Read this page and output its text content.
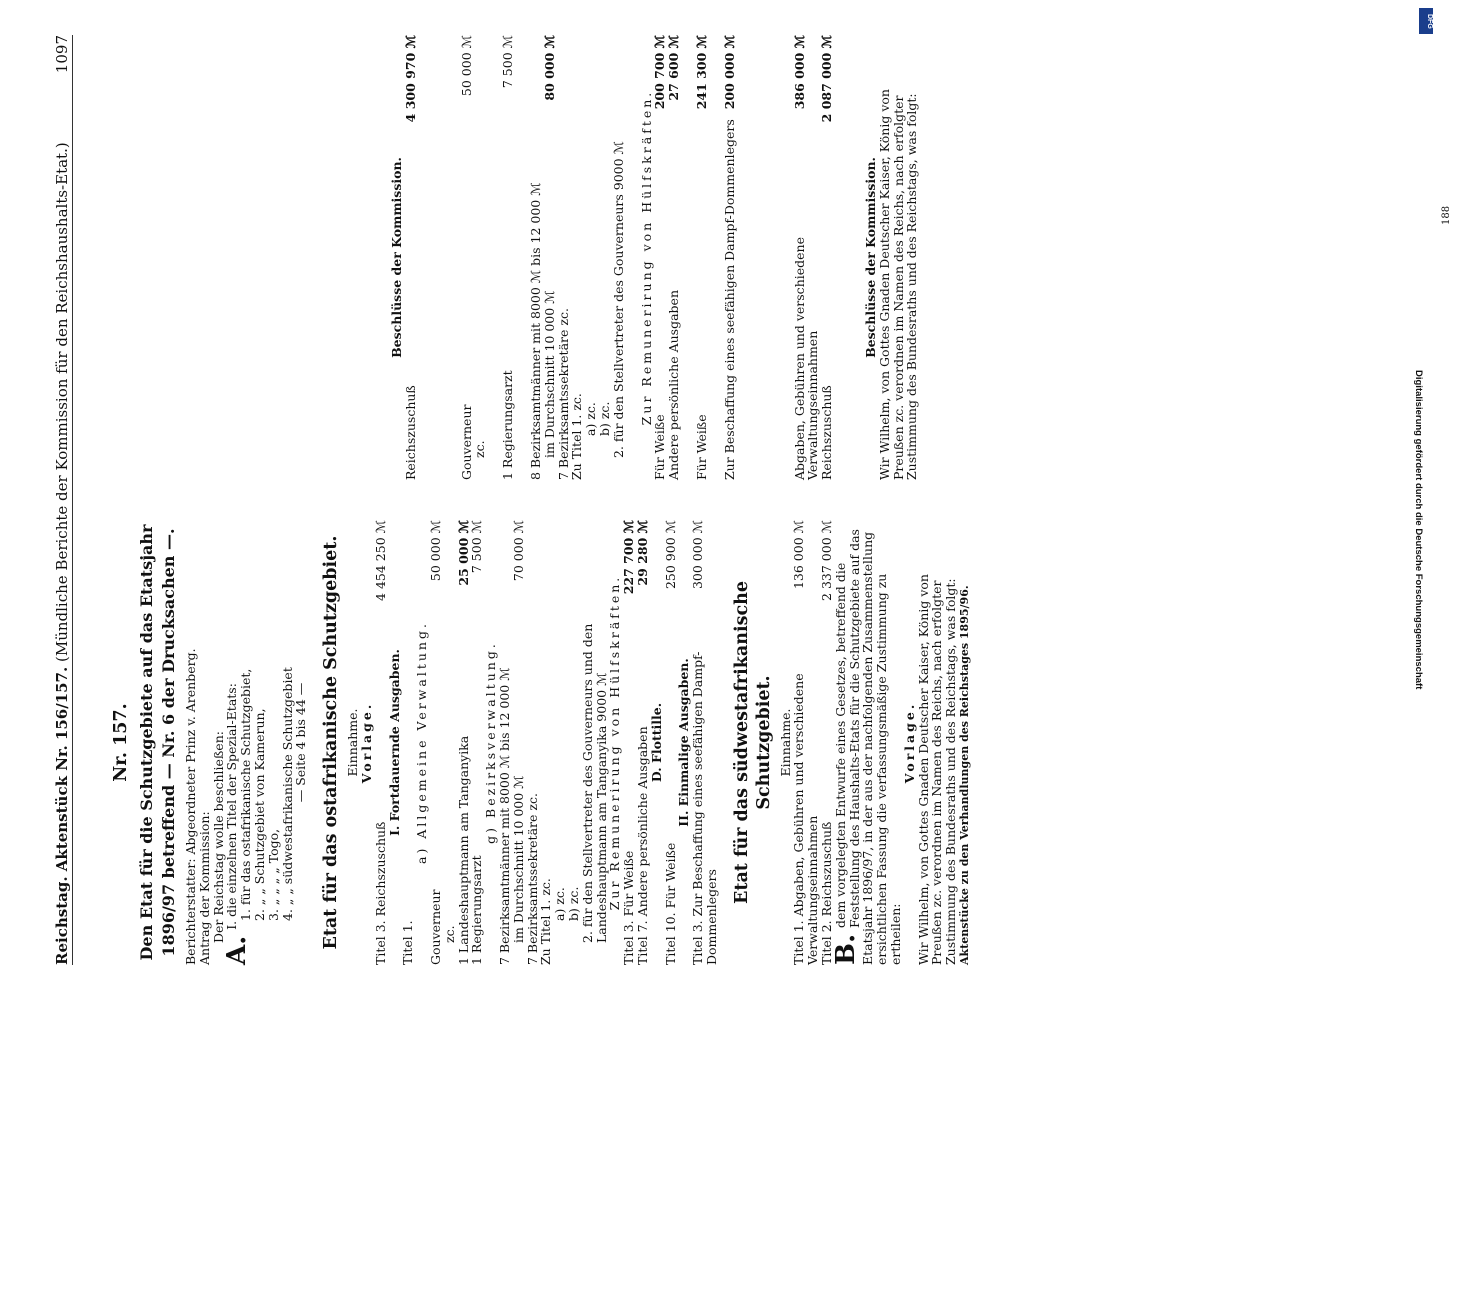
Reichstag. Aktenstück Nr. 156/157. (Mündliche Berichte der Kommission für den Reichshaushalts-Etat.)
1097
Nr. 157. Den Etat für die Schutzgebiete auf das Etatsjahr 1896/97 betreffend — Nr. 6 der Drucksachen —. Berichterstatter: Abgeordneter Prinz v. Arenberg.
Antrag der Kommission:
Der Reichstag wolle beschließen:
A.
I. die einzelnen Titel der Spezial-Etats:
1. für das ostafrikanische Schutzgebiet,
2. „ „ Schutzgebiet von Kamerun,
3. „ „ „ „ Togo,
4. „ „ südwestafrikanische Schutzgebiet
— Seite 4 bis 44 — Etat für das ostafrikanische Schutzgebiet. Einnahme.
Vorlage.
Titel 3. Reichszuschuß
4 454 250 ℳ
I. Fortdauernde Ausgaben.
Titel 1.
a) Allgemeine Verwaltung.
Gouverneur
50 000 ℳ
zc.
1 Landeshauptmann am Tanganyika
25 000 ℳ
1 Regierungsarzt
7 500 ℳ
g) Bezirksverwaltung.
7 Bezirksamtmänner mit 8000 ℳ bis 12 000 ℳ
im Durchschnitt 10 000 ℳ
70 000 ℳ
7 Bezirksamtssekretäre zc.
Zu Titel 1. zc.
a) zc.
b) zc.
2. für den Stellvertreter des Gouverneurs und den Landeshauptmann am Tanganyika 9000 ℳ
Zur Remunerirung von Hülfskräften.
Titel 3. Für Weiße
227 700 ℳ
Titel 7. Andere persönliche Ausgaben
29 280 ℳ
D. Flottille.
Titel 10. Für Weiße
250 900 ℳ
II. Einmalige Ausgaben.
Titel 3. Zur Beschaffung eines seefähigen Dampf-Dommenlegers
300 000 ℳ
Etat für das südwestafrikanische Schutzgebiet. Einnahme.
Titel 1. Abgaben, Gebühren und verschiedene Verwaltungseinnahmen
136 000 ℳ
Titel 2. Reichszuschuß
2 337 000 ℳ
B.
dem vorgelegten Entwurfe eines Gesetzes, betreffend die Feststellung des Haushalts-Etats für die Schutzgebiete auf das Etatsjahr 1896/97, in der aus der nachfolgenden Zusammenstellung ersichtlichen Fassung die verfassungsmäßige Zustimmung zu ertheilen:
Vorlage.
Wir Wilhelm, von Gottes Gnaden Deutscher Kaiser, König von Preußen zc. verordnen im Namen des Reichs, nach erfolgter Zustimmung des Bundesraths und des Reichstags, was folgt: Aktenstücke zu den Verhandlungen des Reichstages 1895/96.
Beschlüsse der Kommission.
Reichszuschuß
4 300 970 ℳ
Gouverneur
50 000 ℳ
zc. 1 Regierungsarzt
7 500 ℳ
8 Bezirksamtmänner mit 8000 ℳ bis 12 000 ℳ
im Durchschnitt 10 000 ℳ
80 000 ℳ
7 Bezirksamtssekretäre zc.
Zu Titel 1. zc.
a) zc.
b) zc.
2. für den Stellvertreter des Gouverneurs 9000 ℳ Zur Remunerirung von Hülfskräften.
Für Weiße
200 700 ℳ
Andere persönliche Ausgaben
27 600 ℳ
Für Weiße
241 300 ℳ
Zur Beschaffung eines seefähigen Dampf-Dommenlegers
200 000 ℳ
Abgaben, Gebühren und verschiedene Verwaltungseinnahmen
386 000 ℳ
Reichszuschuß
2 087 000 ℳ
Beschlüsse der Kommission.
Wir Wilhelm, von Gottes Gnaden Deutscher Kaiser, König von Preußen zc. verordnen im Namen des Reichs, nach erfolgter Zustimmung des Bundesraths und des Reichstags, was folgt:	188
DFG
Digitalisierung gefördert durch die Deutsche Forschungsgemeinschaft
